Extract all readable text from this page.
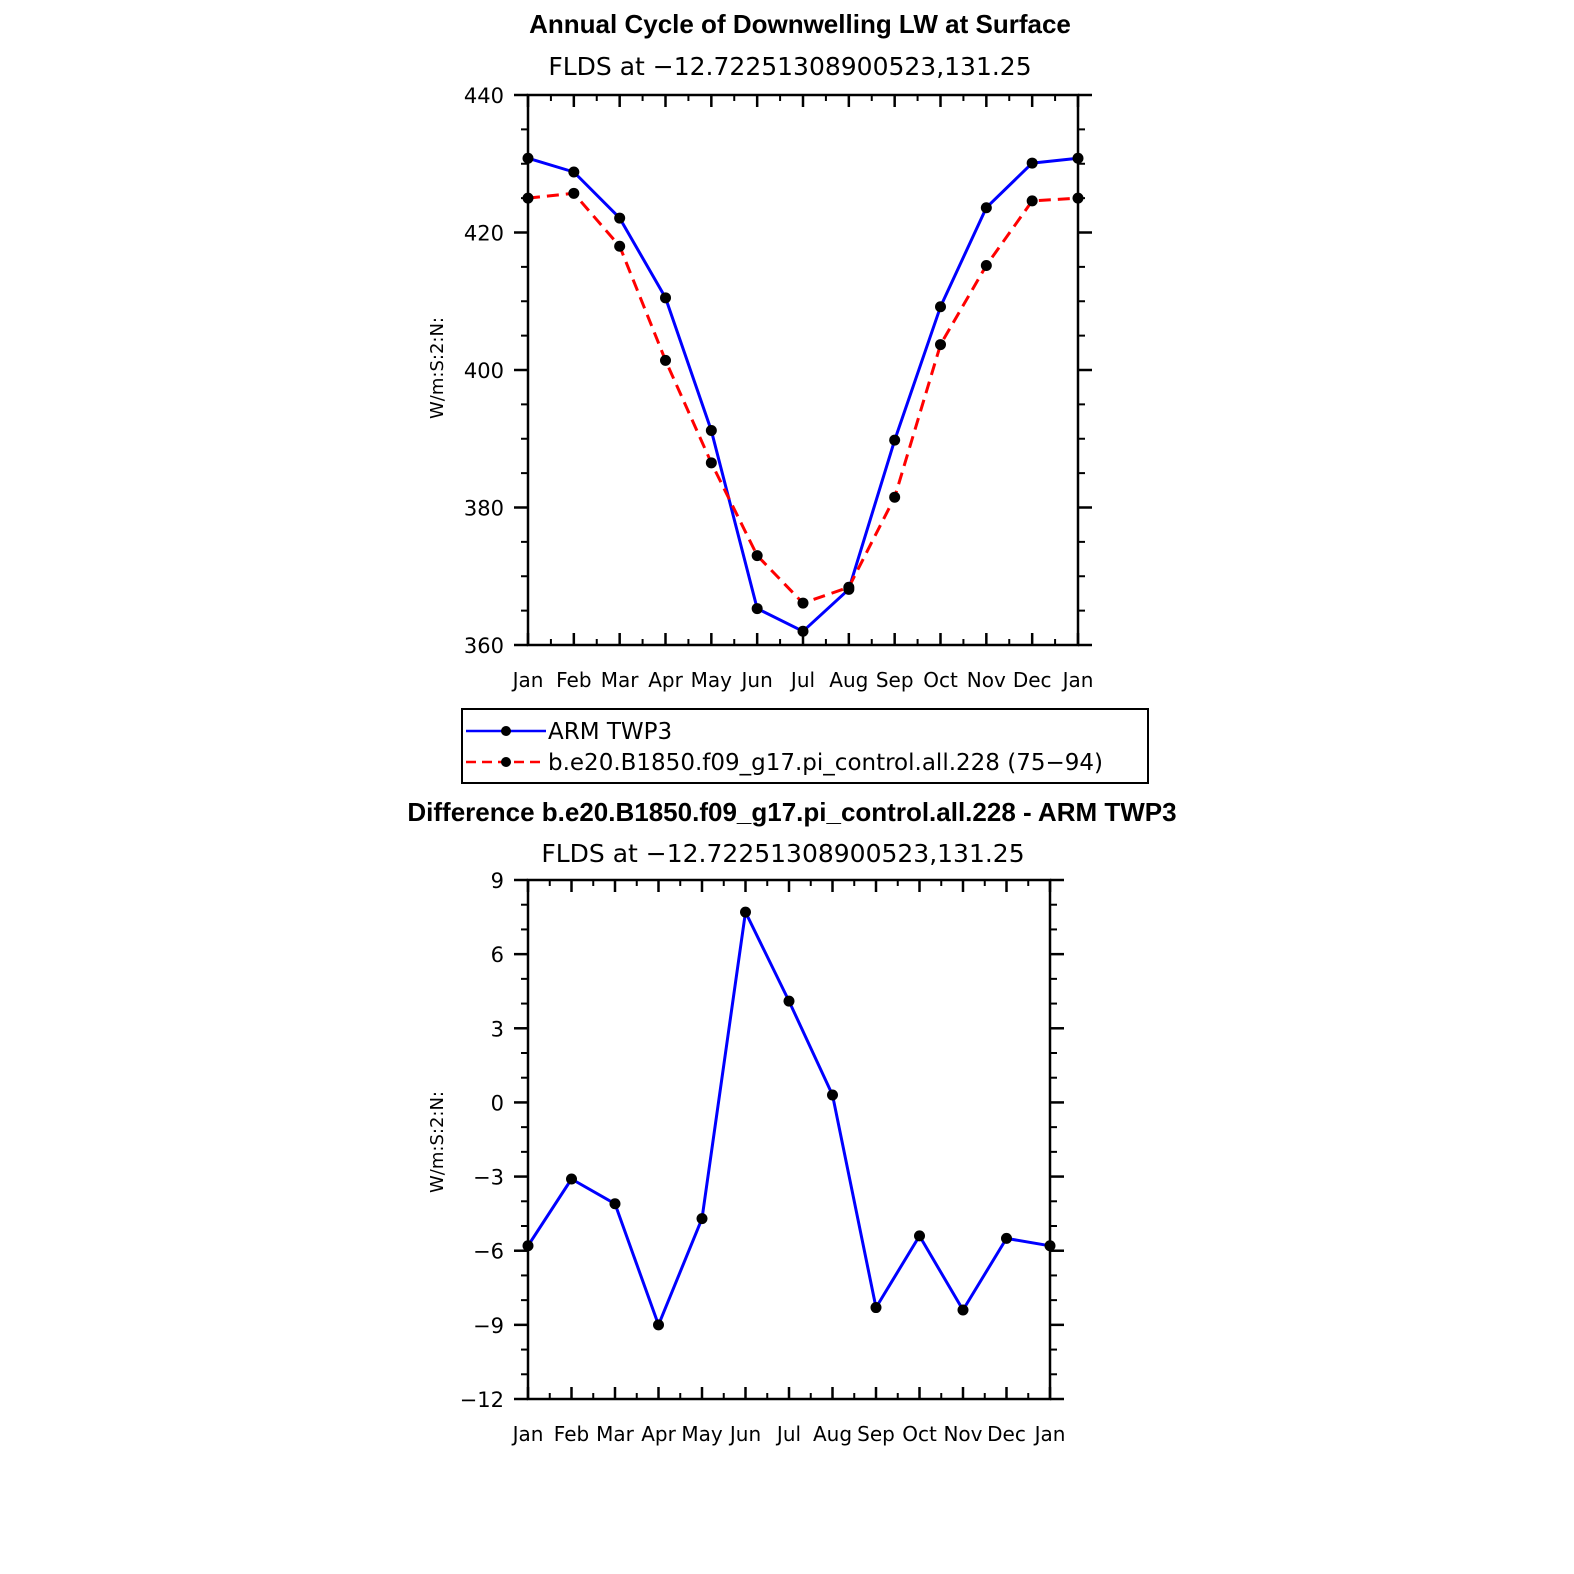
Annual Cycle of Downwelling LW at Surface
FLDS at −12.72251308900523,131.25
W/m:S:2:N:
Jan Feb Mar Apr May Jun Jul Aug Sep Oct Nov Dec Jan
360
380
400
420
440
ARM TWP3
b.e20.B1850.f09_g17.pi_control.all.228 (75−94)
Difference b.e20.B1850.f09_g17.pi_control.all.228 - ARM TWP3
FLDS at −12.72251308900523,131.25
W/m:S:2:N:
Jan Feb Mar Apr May Jun Jul Aug Sep Oct Nov Dec Jan
−12
−9
−6
−3
0
3
6
9
